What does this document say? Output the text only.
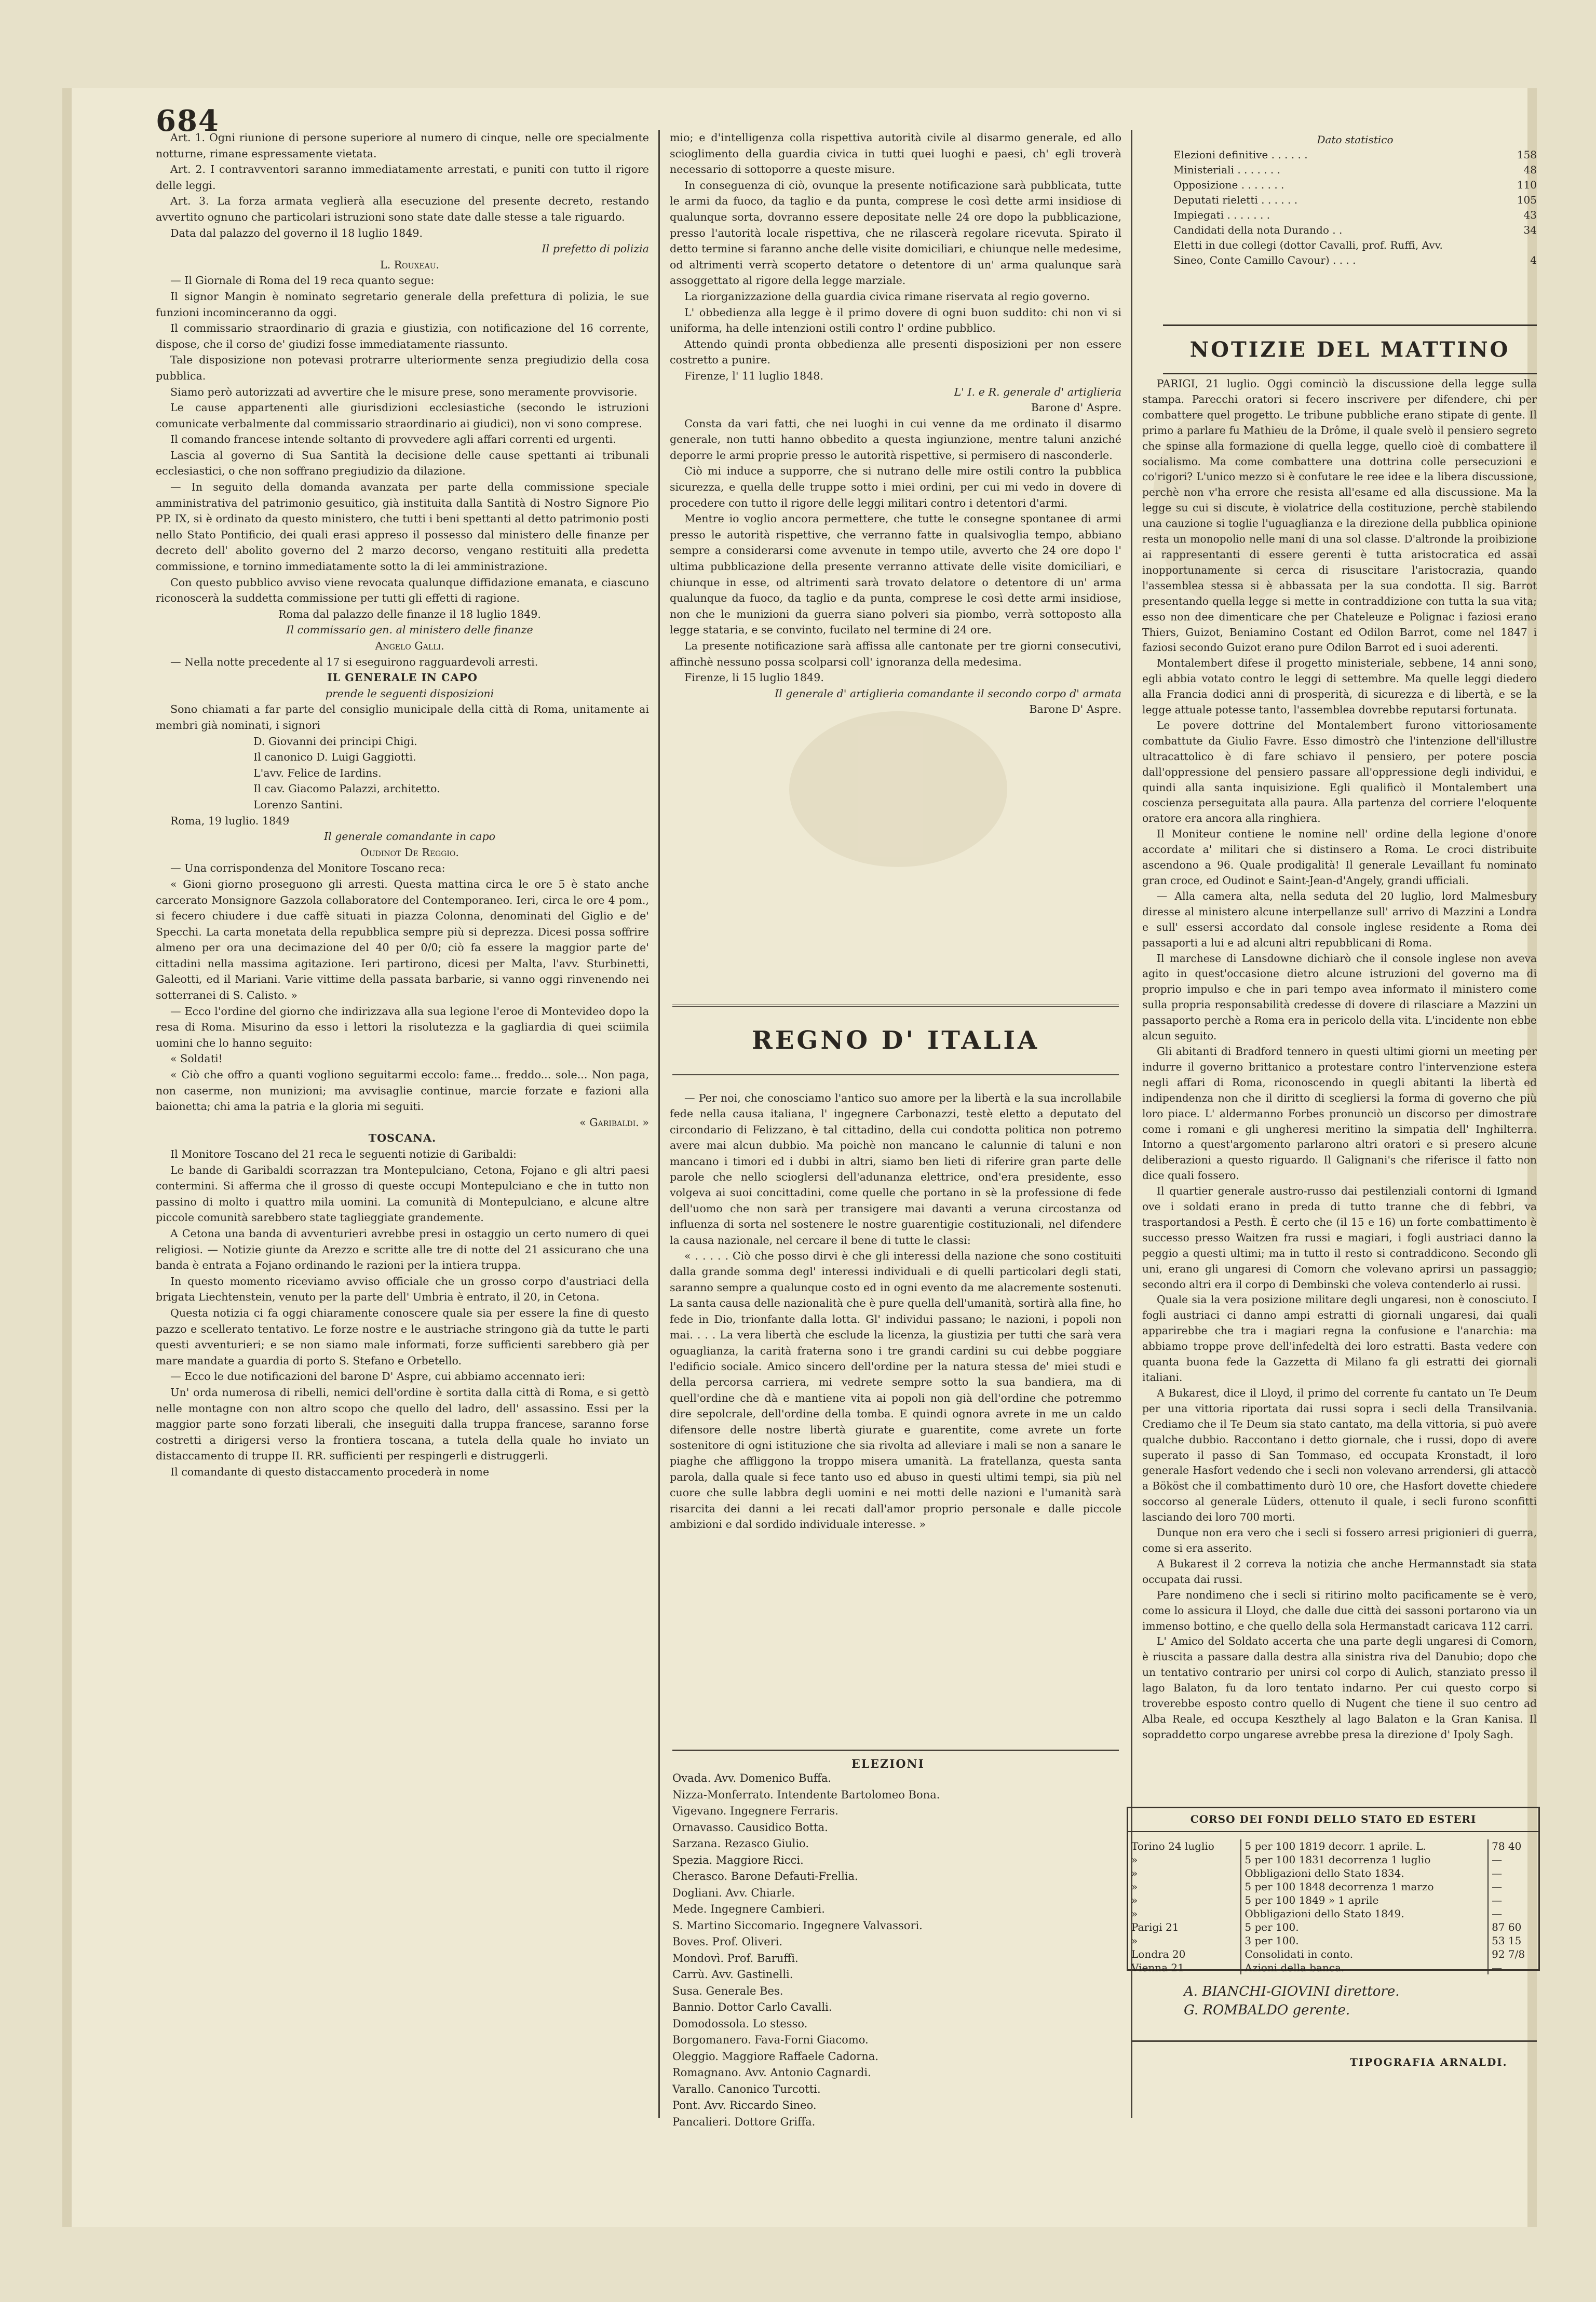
684

Art. 1. Ogni riunione di persone superiore al numero di cinque, nelle ore specialmente notturne, rimane espressamente vietata.

Art. 2. I contravventori saranno immediatamente arrestati, e puniti con tutto il rigore delle leggi.

Art. 3. La forza armata veglierà alla esecuzione del presente decreto, restando avvertito ognuno che particolari istruzioni sono state date dalle stesse a tale riguardo.

Data dal palazzo del governo il 18 luglio 1849.

Il prefetto di polizia

L. Rouxeau.

— Il Giornale di Roma del 19 reca quanto segue:

Il signor Mangin è nominato segretario generale della prefettura di polizia, le sue funzioni incominceranno da oggi.

Il commissario straordinario di grazia e giustizia, con notificazione del 16 corrente, dispose, che il corso de' giudizi fosse immediatamente riassunto.

Tale disposizione non potevasi protrarre ulteriormente senza pregiudizio della cosa pubblica.

Siamo però autorizzati ad avvertire che le misure prese, sono meramente provvisorie.

Le cause appartenenti alle giurisdizioni ecclesiastiche (secondo le istruzioni comunicate verbalmente dal commissario straordinario ai giudici), non vi sono comprese.

Il comando francese intende soltanto di provvedere agli affari correnti ed urgenti.

Lascia al governo di Sua Santità la decisione delle cause spettanti ai tribunali ecclesiastici, o che non soffrano pregiudizio da dilazione.

— In seguito della domanda avanzata per parte della commissione speciale amministrativa del patrimonio gesuitico, già instituita dalla Santità di Nostro Signore Pio PP. IX, si è ordinato da questo ministero, che tutti i beni spettanti al detto patrimonio posti nello Stato Pontificio, dei quali erasi appreso il possesso dal ministero delle finanze per decreto dell' abolito governo del 2 marzo decorso, vengano restituiti alla predetta commissione, e tornino immediatamente sotto la di lei amministrazione.

Con questo pubblico avviso viene revocata qualunque diffidazione emanata, e ciascuno riconoscerà la suddetta commissione per tutti gli effetti di ragione.

Roma dal palazzo delle finanze il 18 luglio 1849.

Il commissario gen. al ministero delle finanze

Angelo Galli.

— Nella notte precedente al 17 si eseguirono ragguardevoli arresti.

IL GENERALE IN CAPO

prende le seguenti disposizioni

Sono chiamati a far parte del consiglio municipale della città di Roma, unitamente ai membri già nominati, i signori

D. Giovanni dei principi Chigi.

Il canonico D. Luigi Gaggiotti.

L'avv. Felice de Iardins.

Il cav. Giacomo Palazzi, architetto.

Lorenzo Santini.

Roma, 19 luglio. 1849

Il generale comandante in capo

Oudinot De Reggio.

— Una corrispondenza del Monitore Toscano reca:

« Gioni giorno proseguono gli arresti. Questa mattina circa le ore 5 è stato anche carcerato Monsignore Gazzola collaboratore del Contemporaneo. Ieri, circa le ore 4 pom., si fecero chiudere i due caffè situati in piazza Colonna, denominati del Giglio e de' Specchi. La carta monetata della repubblica sempre più si deprezza. Dicesi possa soffrire almeno per ora una decimazione del 40 per 0/0; ciò fa essere la maggior parte de' cittadini nella massima agitazione. Ieri partirono, dicesi per Malta, l'avv. Sturbinetti, Galeotti, ed il Mariani. Varie vittime della passata barbarie, si vanno oggi rinvenendo nei sotterranei di S. Calisto. »

— Ecco l'ordine del giorno che indirizzava alla sua legione l'eroe di Montevideo dopo la resa di Roma. Misurino da esso i lettori la risolutezza e la gagliardia di quei sciimila uomini che lo hanno seguito:

« Soldati!

« Ciò che offro a quanti vogliono seguitarmi eccolo: fame... freddo... sole... Non paga, non caserme, non munizioni; ma avvisaglie continue, marcie forzate e fazioni alla baionetta; chi ama la patria e la gloria mi seguiti.

« Garibaldi. »

TOSCANA.

Il Monitore Toscano del 21 reca le seguenti notizie di Garibaldi:

Le bande di Garibaldi scorrazzan tra Montepulciano, Cetona, Fojano e gli altri paesi contermini. Si afferma che il grosso di queste occupi Montepulciano e che in tutto non passino di molto i quattro mila uomini. La comunità di Montepulciano, e alcune altre piccole comunità sarebbero state taglieggiate grandemente.

A Cetona una banda di avventurieri avrebbe presi in ostaggio un certo numero di quei religiosi. — Notizie giunte da Arezzo e scritte alle tre di notte del 21 assicurano che una banda è entrata a Fojano ordinando le razioni per la intiera truppa.

In questo momento riceviamo avviso officiale che un grosso corpo d'austriaci della brigata Liechtenstein, venuto per la parte dell' Umbria è entrato, il 20, in Cetona.

Questa notizia ci fa oggi chiaramente conoscere quale sia per essere la fine di questo pazzo e scellerato tentativo. Le forze nostre e le austriache stringono già da tutte le parti questi avventurieri; e se non siamo male informati, forze sufficienti sarebbero già per mare mandate a guardia di porto S. Stefano e Orbetello.

— Ecco le due notificazioni del barone D' Aspre, cui abbiamo accennato ieri:

Un' orda numerosa di ribelli, nemici dell'ordine è sortita dalla città di Roma, e si gettò nelle montagne con non altro scopo che quello del ladro, dell' assassino. Essi per la maggior parte sono forzati liberali, che inseguiti dalla truppa francese, saranno forse costretti a dirigersi verso la frontiera toscana, a tutela della quale ho inviato un distaccamento di truppe II. RR. sufficienti per respingerli e distruggerli.

Il comandante di questo distaccamento procederà in nome

mio; e d'intelligenza colla rispettiva autorità civile al disarmo generale, ed allo scioglimento della guardia civica in tutti quei luoghi e paesi, ch' egli troverà necessario di sottoporre a queste misure.

In conseguenza di ciò, ovunque la presente notificazione sarà pubblicata, tutte le armi da fuoco, da taglio e da punta, comprese le così dette armi insidiose di qualunque sorta, dovranno essere depositate nelle 24 ore dopo la pubblicazione, presso l'autorità locale rispettiva, che ne rilascerà regolare ricevuta. Spirato il detto termine si faranno anche delle visite domiciliari, e chiunque nelle medesime, od altrimenti verrà scoperto detatore o detentore di un' arma qualunque sarà assoggettato al rigore della legge marziale.

La riorganizzazione della guardia civica rimane riservata al regio governo.

L' obbedienza alla legge è il primo dovere di ogni buon suddito: chi non vi si uniforma, ha delle intenzioni ostili contro l' ordine pubblico.

Attendo quindi pronta obbedienza alle presenti disposizioni per non essere costretto a punire.

Firenze, l' 11 luglio 1848.

L' I. e R. generale d' artiglieria

Barone d' Aspre.

Consta da vari fatti, che nei luoghi in cui venne da me ordinato il disarmo generale, non tutti hanno obbedito a questa ingiunzione, mentre taluni anziché deporre le armi proprie presso le autorità rispettive, si permisero di nasconderle.

Ciò mi induce a supporre, che si nutrano delle mire ostili contro la pubblica sicurezza, e quella delle truppe sotto i miei ordini, per cui mi vedo in dovere di procedere con tutto il rigore delle leggi militari contro i detentori d'armi.

Mentre io voglio ancora permettere, che tutte le consegne spontanee di armi presso le autorità rispettive, che verranno fatte in qualsivoglia tempo, abbiano sempre a considerarsi come avvenute in tempo utile, avverto che 24 ore dopo l' ultima pubblicazione della presente verranno attivate delle visite domiciliari, e chiunque in esse, od altrimenti sarà trovato delatore o detentore di un' arma qualunque da fuoco, da taglio e da punta, comprese le così dette armi insidiose, non che le munizioni da guerra siano polveri sia piombo, verrà sottoposto alla legge stataria, e se convinto, fucilato nel termine di 24 ore.

La presente notificazione sarà affissa alle cantonate per tre giorni consecutivi, affinchè nessuno possa scolparsi coll' ignoranza della medesima.

Firenze, li 15 luglio 1849.

Il generale d' artiglieria comandante il secondo corpo d' armata

Barone D' Aspre.

REGNO D' ITALIA

— Per noi, che conosciamo l'antico suo amore per la libertà e la sua incrollabile fede nella causa italiana, l' ingegnere Carbonazzi, testè eletto a deputato del circondario di Felizzano, è tal cittadino, della cui condotta politica non potremo avere mai alcun dubbio. Ma poichè non mancano le calunnie di taluni e non mancano i timori ed i dubbi in altri, siamo ben lieti di riferire gran parte delle parole che nello scioglersi dell'adunanza elettrice, ond'era presidente, esso volgeva ai suoi concittadini, come quelle che portano in sè la professione di fede dell'uomo che non sarà per transigere mai davanti a veruna circostanza od influenza di sorta nel sostenere le nostre guarentigie costituzionali, nel difendere la causa nazionale, nel cercare il bene di tutte le classi:

« . . . . . Ciò che posso dirvi è che gli interessi della nazione che sono costituiti dalla grande somma degl' interessi individuali e di quelli particolari degli stati, saranno sempre a qualunque costo ed in ogni evento da me alacremente sostenuti. La santa causa delle nazionalità che è pure quella dell'umanità, sortirà alla fine, ho fede in Dio, trionfante dalla lotta. Gl' individui passano; le nazioni, i popoli non mai. . . . La vera libertà che esclude la licenza, la giustizia per tutti che sarà vera oguaglianza, la carità fraterna sono i tre grandi cardini su cui debbe poggiare l'edificio sociale. Amico sincero dell'ordine per la natura stessa de' miei studi e della percorsa carriera, mi vedrete sempre sotto la sua bandiera, ma di quell'ordine che dà e mantiene vita ai popoli non già dell'ordine che potremmo dire sepolcrale, dell'ordine della tomba. E quindi ognora avrete in me un caldo difensore delle nostre libertà giurate e guarentite, come avrete un forte sostenitore di ogni istituzione che sia rivolta ad alleviare i mali se non a sanare le piaghe che affliggono la troppo misera umanità. La fratellanza, questa santa parola, dalla quale si fece tanto uso ed abuso in questi ultimi tempi, sia più nel cuore che sulle labbra degli uomini e nei motti delle nazioni e l'umanità sarà risarcita dei danni a lei recati dall'amor proprio personale e dalle piccole ambizioni e dal sordido individuale interesse. »

ELEZIONI
Ovada. Avv. Domenico Buffa.
Nizza-Monferrato. Intendente Bartolomeo Bona.
Vigevano. Ingegnere Ferraris.
Ornavasso. Causidico Botta.
Sarzana. Rezasco Giulio.
Spezia. Maggiore Ricci.
Cherasco. Barone Defauti-Frellia.
Dogliani. Avv. Chiarle.
Mede. Ingegnere Cambieri.
S. Martino Siccomario. Ingegnere Valvassori.
Boves. Prof. Oliveri.
Mondovì. Prof. Baruffi.
Carrù. Avv. Gastinelli.
Susa. Generale Bes.
Bannio. Dottor Carlo Cavalli.
Domodossola. Lo stesso.
Borgomanero. Fava-Forni Giacomo.
Oleggio. Maggiore Raffaele Cadorna.
Romagnano. Avv. Antonio Cagnardi.
Varallo. Canonico Turcotti.
Pont. Avv. Riccardo Sineo.
Pancalieri. Dottore Griffa.
Dato statistico
Elezioni definitive . . . . . .	158
Ministeriali . . . . . . .	48
Opposizione . . . . . . .	110
Deputati rieletti . . . . . .	105
Impiegati . . . . . . .	43
Candidati della nota Durando . .	34
Eletti in due collegi (dottor Cavalli, prof. Ruffi, Avv. Sineo, Conte Camillo Cavour) . . . .	4
NOTIZIE DEL MATTINO

PARIGI, 21 luglio. Oggi cominciò la discussione della legge sulla stampa. Parecchi oratori si fecero inscrivere per difendere, chi per combattere quel progetto. Le tribune pubbliche erano stipate di gente. Il primo a parlare fu Mathieu de la Drôme, il quale svelò il pensiero segreto che spinse alla formazione di quella legge, quello cioè di combattere il socialismo. Ma come combattere una dottrina colle persecuzioni e co'rigori? L'unico mezzo si è confutare le ree idee e la libera discussione, perchè non v'ha errore che resista all'esame ed alla discussione. Ma la legge su cui si discute, è violatrice della costituzione, perchè stabilendo una cauzione si toglie l'uguaglianza e la direzione della pubblica opinione resta un monopolio nelle mani di una sol classe. D'altronde la proibizione ai rappresentanti di essere gerenti è tutta aristocratica ed assai inopportunamente si cerca di risuscitare l'aristocrazia, quando l'assemblea stessa si è abbassata per la sua condotta. Il sig. Barrot presentando quella legge si mette in contraddizione con tutta la sua vita; esso non dee dimenticare che per Chateleuze e Polignac i faziosi erano Thiers, Guizot, Beniamino Costant ed Odilon Barrot, come nel 1847 i faziosi secondo Guizot erano pure Odilon Barrot ed i suoi aderenti.

Montalembert difese il progetto ministeriale, sebbene, 14 anni sono, egli abbia votato contro le leggi di settembre. Ma quelle leggi diedero alla Francia dodici anni di prosperità, di sicurezza e di libertà, e se la legge attuale potesse tanto, l'assemblea dovrebbe reputarsi fortunata.

Le povere dottrine del Montalembert furono vittoriosamente combattute da Giulio Favre. Esso dimostrò che l'intenzione dell'illustre ultracattolico è di fare schiavo il pensiero, per potere poscia dall'oppressione del pensiero passare all'oppressione degli individui, e quindi alla santa inquisizione. Egli qualificò il Montalembert una coscienza perseguitata alla paura. Alla partenza del corriere l'eloquente oratore era ancora alla ringhiera.

Il Moniteur contiene le nomine nell' ordine della legione d'onore accordate a' militari che si distinsero a Roma. Le croci distribuite ascendono a 96. Quale prodigalità! Il generale Levaillant fu nominato gran croce, ed Oudinot e Saint-Jean-d'Angely, grandi ufficiali.

— Alla camera alta, nella seduta del 20 luglio, lord Malmesbury diresse al ministero alcune interpellanze sull' arrivo di Mazzini a Londra e sull' essersi accordato dal console inglese residente a Roma dei passaporti a lui e ad alcuni altri repubblicani di Roma.

Il marchese di Lansdowne dichiarò che il console inglese non aveva agito in quest'occasione dietro alcune istruzioni del governo ma di proprio impulso e che in pari tempo avea informato il ministero come sulla propria responsabilità credesse di dovere di rilasciare a Mazzini un passaporto perchè a Roma era in pericolo della vita. L'incidente non ebbe alcun seguito.

Gli abitanti di Bradford tennero in questi ultimi giorni un meeting per indurre il governo brittanico a protestare contro l'intervenzione estera negli affari di Roma, riconoscendo in quegli abitanti la libertà ed indipendenza non che il diritto di scegliersi la forma di governo che più loro piace. L' aldermanno Forbes pronunciò un discorso per dimostrare come i romani e gli ungheresi meritino la simpatia dell' Inghilterra. Intorno a quest'argomento parlarono altri oratori e si presero alcune deliberazioni a questo riguardo. Il Galignani's che riferisce il fatto non dice quali fossero.

Il quartier generale austro-russo dai pestilenziali contorni di Igmand ove i soldati erano in preda di tutto tranne che di febbri, va trasportandosi a Pesth. È certo che (il 15 e 16) un forte combattimento è successo presso Waitzen fra russi e magiari, i fogli austriaci danno la peggio a questi ultimi; ma in tutto il resto si contraddicono. Secondo gli uni, erano gli ungaresi di Comorn che volevano aprirsi un passaggio; secondo altri era il corpo di Dembinski che voleva contenderlo ai russi.

Quale sia la vera posizione militare degli ungaresi, non è conosciuto. I fogli austriaci ci danno ampi estratti di giornali ungaresi, dai quali apparirebbe che tra i magiari regna la confusione e l'anarchia: ma abbiamo troppe prove dell'infedeltà dei loro estratti. Basta vedere con quanta buona fede la Gazzetta di Milano fa gli estratti dei giornali italiani.

A Bukarest, dice il Lloyd, il primo del corrente fu cantato un Te Deum per una vittoria riportata dai russi sopra i secli della Transilvania. Crediamo che il Te Deum sia stato cantato, ma della vittoria, si può avere qualche dubbio. Raccontano i detto giornale, che i russi, dopo di avere superato il passo di San Tommaso, ed occupata Kronstadt, il loro generale Hasfort vedendo che i secli non volevano arrendersi, gli attaccò a Bököst che il combattimento durò 10 ore, che Hasfort dovette chiedere soccorso al generale Lüders, ottenuto il quale, i secli furono sconfitti lasciando dei loro 700 morti.

Dunque non era vero che i secli si fossero arresi prigionieri di guerra, come si era asserito.

A Bukarest il 2 correva la notizia che anche Hermannstadt sia stata occupata dai russi.

Pare nondimeno che i secli si ritirino molto pacificamente se è vero, come lo assicura il Lloyd, che dalle due città dei sassoni portarono via un immenso bottino, e che quello della sola Hermanstadt caricava 112 carri.

L' Amico del Soldato accerta che una parte degli ungaresi di Comorn, è riuscita a passare dalla destra alla sinistra riva del Danubio; dopo che un tentativo contrario per unirsi col corpo di Aulich, stanziato presso il lago Balaton, fu da loro tentato indarno. Per cui questo corpo si troverebbe esposto contro quello di Nugent che tiene il suo centro ad Alba Reale, ed occupa Keszthely al lago Balaton e la Gran Kanisa. Il sopraddetto corpo ungarese avrebbe presa la direzione d' Ipoly Sagh.

CORSO DEI FONDI DELLO STATO ED ESTERI
Torino 24 luglio	5 per 100 1819 decorr. 1 aprile. L.	78 40
»	5 per 100 1831 decorrenza 1 luglio	—
»	Obbligazioni dello Stato 1834.	—
»	5 per 100 1848 decorrenza 1 marzo	—
»	5 per 100 1849 » 1 aprile	—
»	Obbligazioni dello Stato 1849.	—
Parigi 21	5 per 100.	87 60
»	3 per 100.	53 15
Londra 20	Consolidati in conto.	92 7/8
Vienna 21	Azioni della banca.	—
A. BIANCHI-GIOVINI direttore.
G. ROMBALDO gerente.
TIPOGRAFIA ARNALDI.
